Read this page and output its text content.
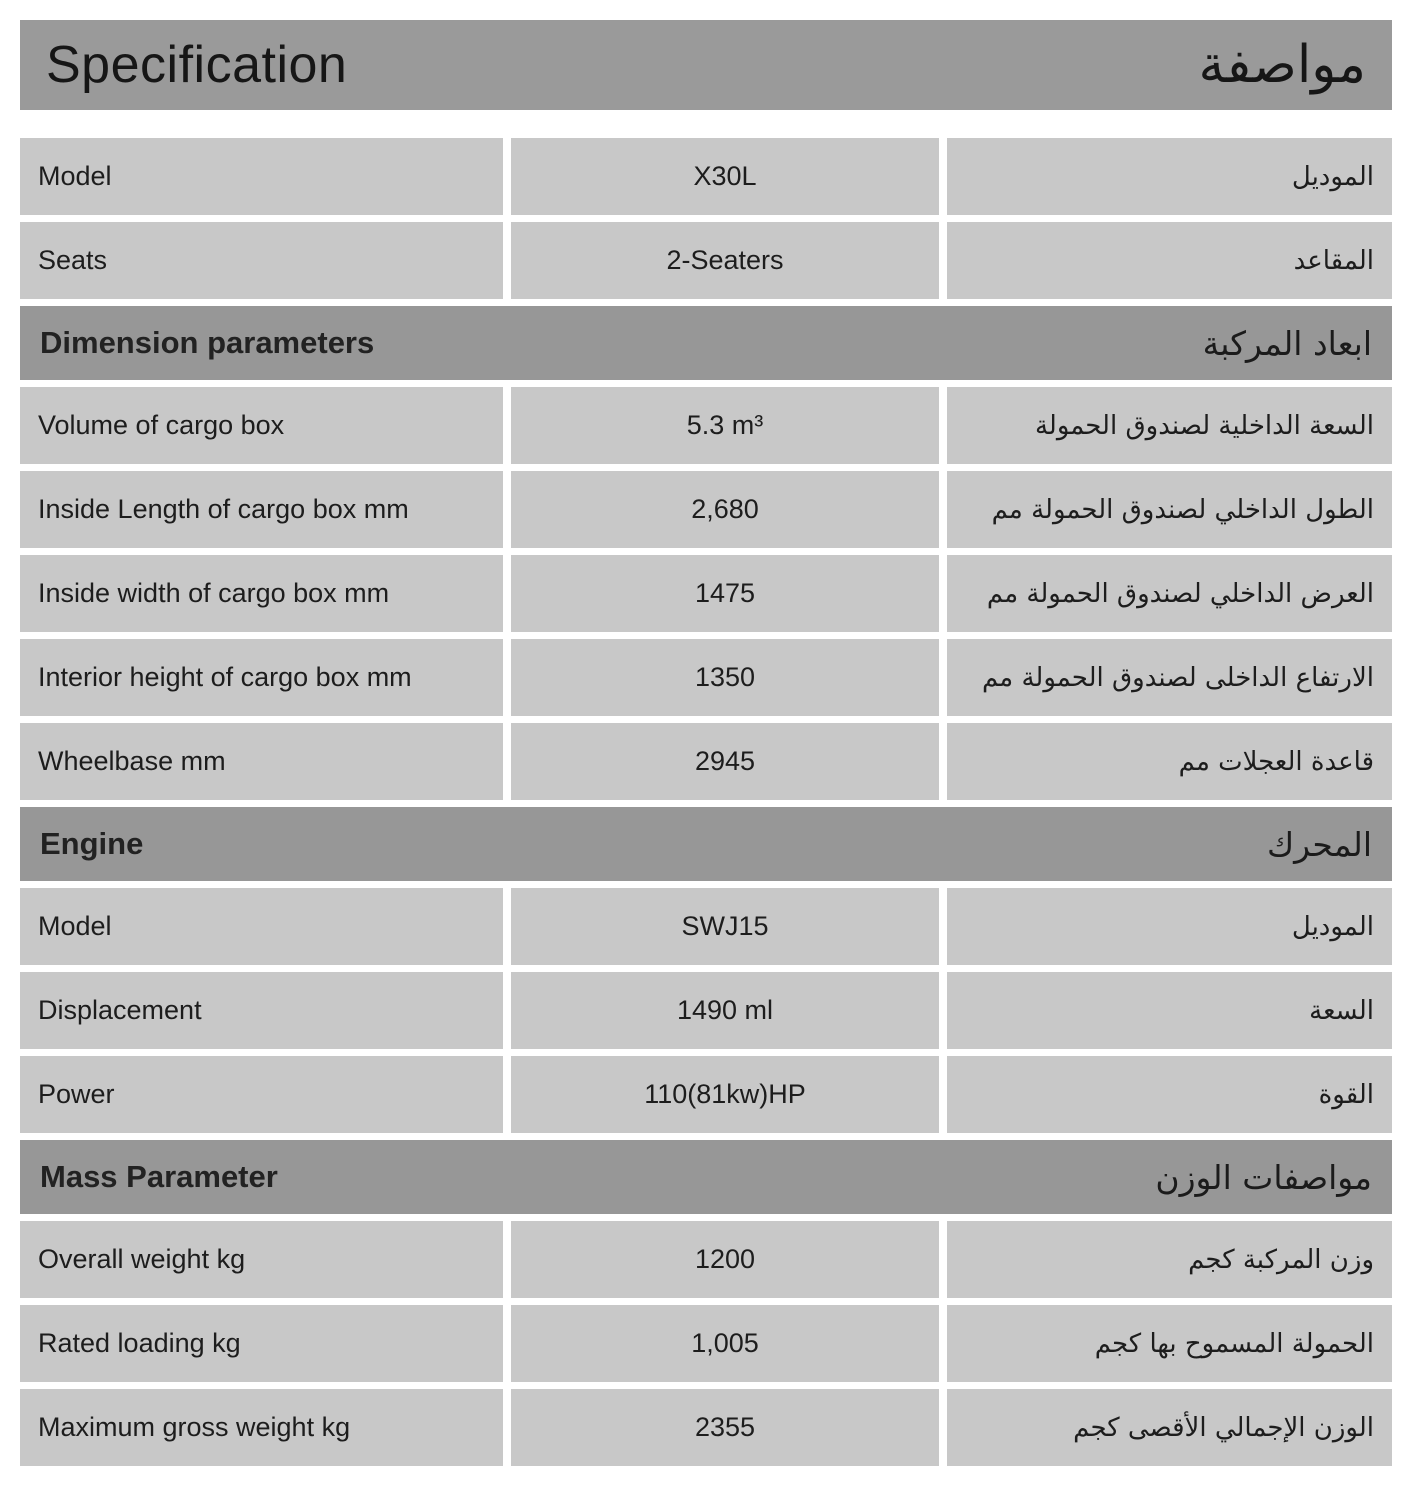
Specification	مواصفة
Model	X30L	الموديل
Seats	2-Seaters	المقاعد
Dimension parameters	ابعاد المركبة
Volume of cargo box	5.3 m³	السعة الداخلية لصندوق الحمولة
Inside Length of cargo box mm	2,680	الطول الداخلي لصندوق الحمولة مم
Inside width of cargo box mm	1475	العرض الداخلي لصندوق الحمولة مم
Interior height of cargo box mm	1350	الارتفاع الداخلى لصندوق الحمولة مم
Wheelbase mm	2945	قاعدة العجلات مم
Engine	المحرك
Model	SWJ15	الموديل
Displacement	1490 ml	السعة
Power	110(81kw)HP	القوة
Mass Parameter	مواصفات الوزن
Overall weight kg	1200	وزن المركبة كجم
Rated loading kg	1,005	الحمولة المسموح بها كجم
Maximum gross weight kg	2355	الوزن الإجمالي الأقصى كجم
